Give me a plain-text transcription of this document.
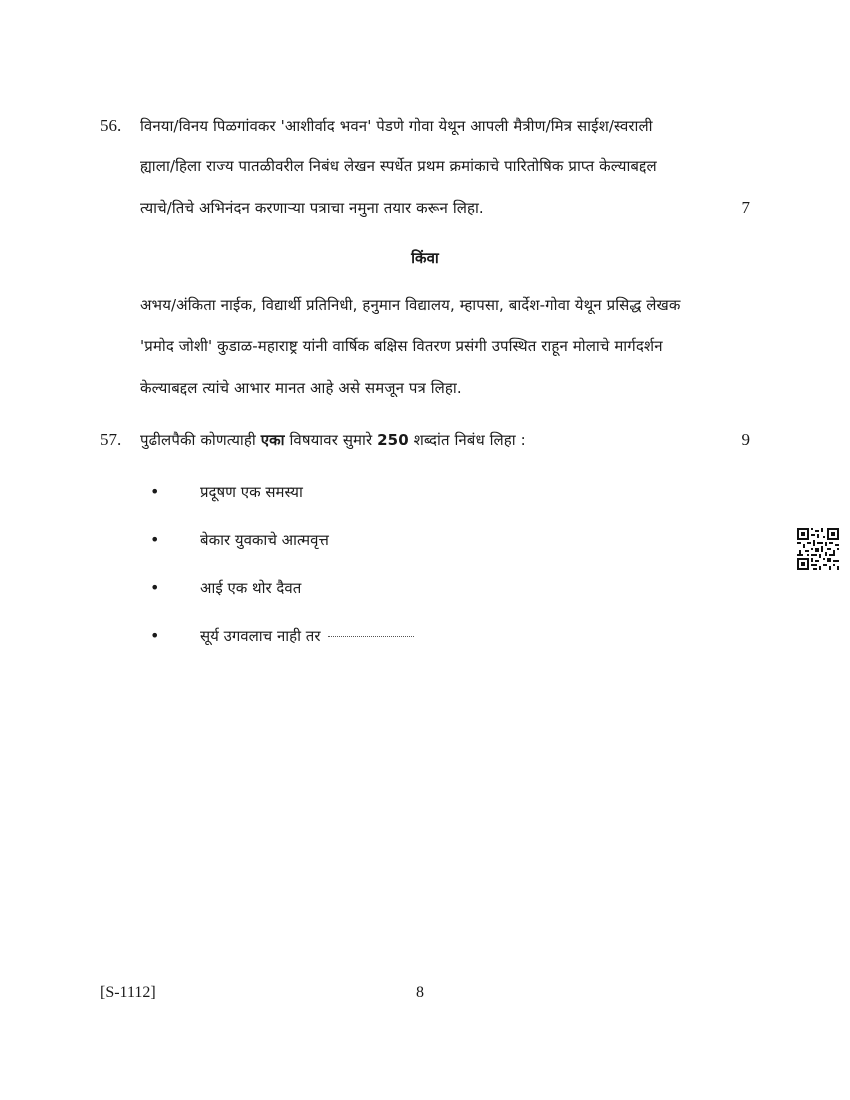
56. विनया/विनय पिळगांवकर 'आशीर्वाद भवन' पेडणे गोवा येथून आपली मैत्रीण/मित्र साईश/स्वराली
ह्याला/हिला राज्य पातळीवरील निबंध लेखन स्पर्धेत प्रथम क्रमांकाचे पारितोषिक प्राप्त केल्याबद्दल
त्याचे/तिचे अभिनंदन करणाऱ्या पत्राचा नमुना तयार करून लिहा.	7
किंवा
अभय/अंकिता नाईक, विद्यार्थी प्रतिनिधी, हनुमान विद्यालय, म्हापसा, बार्देश-गोवा येथून प्रसिद्ध लेखक
'प्रमोद जोशी' कुडाळ-महाराष्ट्र यांनी वार्षिक बक्षिस वितरण प्रसंगी उपस्थित राहून मोलाचे मार्गदर्शन
केल्याबद्दल त्यांचे आभार मानत आहे असे समजून पत्र लिहा.
57. पुढीलपैकी कोणत्याही एका विषयावर सुमारे 250 शब्दांत निबंध लिहा :	9
•	प्रदूषण एक समस्या
•	बेकार युवकाचे आत्मवृत्त
•	आई एक थोर दैवत
•	सूर्य उगवलाच नाही तर
[S-1112]	8
